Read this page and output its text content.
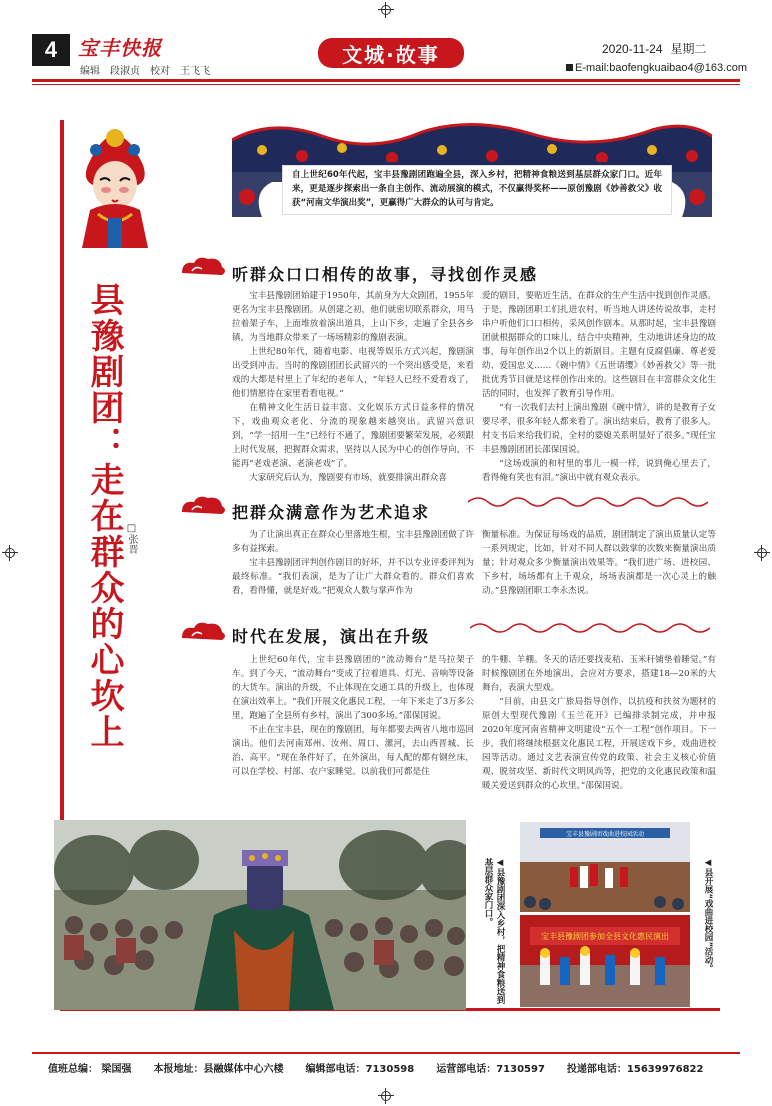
4	宝丰快报
编辑 段淑贞 校对 王飞飞
文城·故事	2020-11-24 星期二
E-mail:baofengkuaibao4@163.com
自上世纪60年代起，宝丰县豫剧团跑遍全县，深入乡村，把精神食粮送到基层群众家门口。近年来，更是逐步探索出一条自主创作、流动展演的模式，不仅赢得奖杯——原创豫剧《妙善救父》收获“河南文华演出奖”，更赢得广大群众的认可与肯定。
县豫剧团：走在群众的心坎上 □张晋
听群众口口相传的故事，寻找创作灵感

宝丰县豫剧团始建于1950年，其前身为大众剧团，1955年更名为宝丰县豫剧团。从创建之初，他们就密切联系群众，用马拉着架子车，上面堆放着演出道具，上山下乡，走遍了全县各乡镇，为当地群众带来了一场场精彩的豫剧表演。

上世纪80年代，随着电影、电视等娱乐方式兴起，豫剧演出受到冲击。当时的豫剧团团长武留兴的一个突出感受是，来看戏的大都是村里上了年纪的老年人，“年轻人已经不爱看戏了，他们情愿待在家里看看电视。”

在精神文化生活日益丰富、文化娱乐方式日益多样的情况下，戏曲观众老化、分流的现象越来越突出。武留兴意识到，“学一招用一生”已经行不通了，豫剧团要繁荣发展，必须跟上时代发展，把握群众需求，坚持以人民为中心的创作导向，不能再“老戏老演、老演老戏”了。

大家研究后认为，豫剧要有市场，就要排演出群众喜

爱的剧目，要贴近生活，在群众的生产生活中找到创作灵感。于是，豫剧团职工们扎进农村，听当地人讲述传说故事，走村串户听他们口口相传，采风创作剧本。从那时起，宝丰县豫剧团就根据群众的口味儿，结合中央精神，生动地讲述身边的故事，每年创作出2个以上的新剧目。主题有反腐倡廉、尊老爱幼、爱国忠义……《碗中情》《五世请缨》《妙善救父》等一批批优秀节目就是这样创作出来的。这些剧目在丰富群众文化生活的同时，也发挥了教育引导作用。

“有一次我们去村上演出豫剧《碗中情》，讲的是教育子女要尽孝，很多年轻人都来看了。演出结束后，教育了很多人。村支书后来给我们说，全村的婆媳关系明显好了很多。”现任宝丰县豫剧团团长邵保国说。

“这场戏演的和村里的事儿一模一样，说到俺心里去了，看得俺有笑也有泪。”演出中就有观众表示。

把群众满意作为艺术追求

为了让演出真正在群众心里落地生根，宝丰县豫剧团做了许多有益探索。

宝丰县豫剧团评判创作剧目的好坏，并不以专业评委评判为最终标准。“我们表演，是为了让广大群众看的。群众们喜欢看，看得懂，就是好戏。”把观众人数与掌声作为

衡量标准。为保证每场戏的品质，剧团制定了演出质量认定等一系列规定，比如，针对不同人群以鼓掌的次数来衡量演出质量；针对观众多少衡量演出效果等。“我们进广场、进校园、下乡村，场场都有上千观众，场场表演都是一次心灵上的触动。”县豫剧团职工李永杰说。

时代在发展，演出在升级

上世纪60年代，宝丰县豫剧团的“流动舞台”是马拉架子车。到了今天，“流动舞台”变成了拉着道具、灯光、音响等设备的大货车。演出的升级，不止体现在交通工具的升级上，也体现在演出效率上。“我们开展文化惠民工程，一年下来走了3万多公里，跑遍了全县所有乡村，演出了300多场。”邵保国说。

不止在宝丰县，现在的豫剧团，每年都要去两省八地市巡回演出。他们去河南郑州、汝州、周口、漯河，去山西晋城、长治、高平。“现在条件好了，在外演出，每人配的都有钢丝床，可以在学校、村部、农户家睡觉。以前我们可都是住

的牛棚、羊棚。冬天的话还要找麦秸、玉米秆铺垫着睡觉。”有时候豫剧团在外地演出，会应对方要求，搭建18—20米的大舞台，表演大型戏。

“目前，由县文广旅局指导创作，以抗疫和扶贫为题材的原创大型现代豫剧《玉兰花开》已编排录制完成，并申报2020年度河南省精神文明建设“五个一工程”创作项目。下一步，我们将继续根据文化惠民工程，开展送戏下乡，戏曲进校园等活动。通过文艺表演宣传党的政策、社会主义核心价值观、脱贫攻坚、新时代文明风尚等，把党的文化惠民政策和温暖关爱送到群众的心坎里。”邵保国说。

◀县豫剧团深入乡村，把精神食粮送到基层群众家门口。
宝丰县豫剧团戏曲进校园活动
宝丰县豫剧团参加全县文化惠民演出	◀县开展“戏曲进校园”活动。
值班总编： 梁国强 本报地址：县融媒体中心六楼 编辑部电话：7130598 运营部电话：7130597 投递部电话：15639976822
